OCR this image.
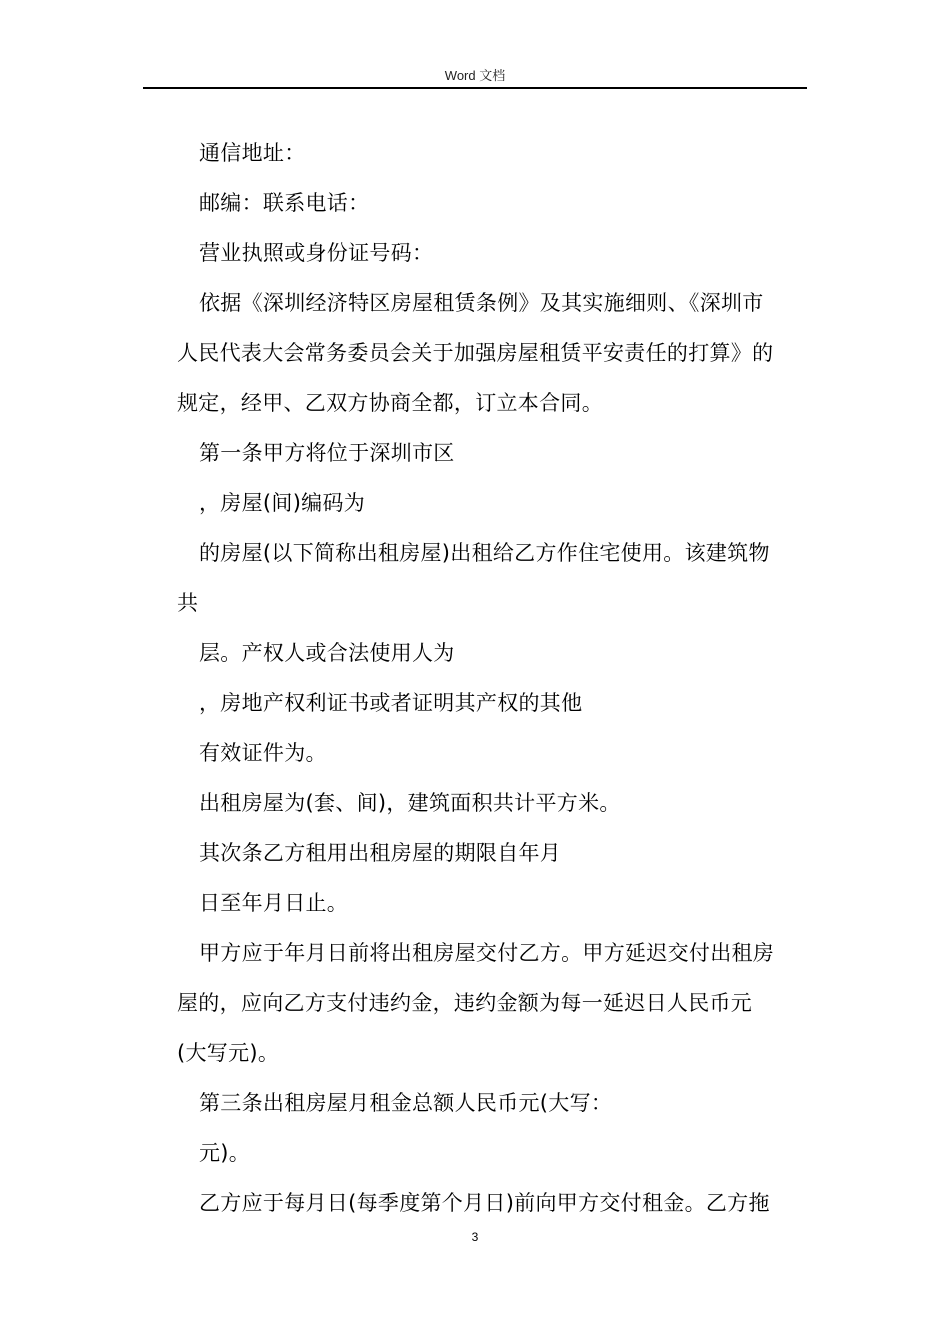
Word 文档
通信地址：
邮编：联系电话：
营业执照或身份证号码：
依据《深圳经济特区房屋租赁条例》及其实施细则、《深圳市
人民代表大会常务委员会关于加强房屋租赁平安责任的打算》的
规定，经甲、乙双方协商全都，订立本合同。
第一条甲方将位于深圳市区
，房屋(间)编码为
的房屋(以下简称出租房屋)出租给乙方作住宅使用。该建筑物
共
层。产权人或合法使用人为
，房地产权利证书或者证明其产权的其他
有效证件为。
出租房屋为(套、间)，建筑面积共计平方米。
其次条乙方租用出租房屋的期限自年月
日至年月日止。
甲方应于年月日前将出租房屋交付乙方。甲方延迟交付出租房
屋的，应向乙方支付违约金，违约金额为每一延迟日人民币元
(大写元)。
第三条出租房屋月租金总额人民币元(大写：
元)。
乙方应于每月日(每季度第个月日)前向甲方交付租金。乙方拖
3
